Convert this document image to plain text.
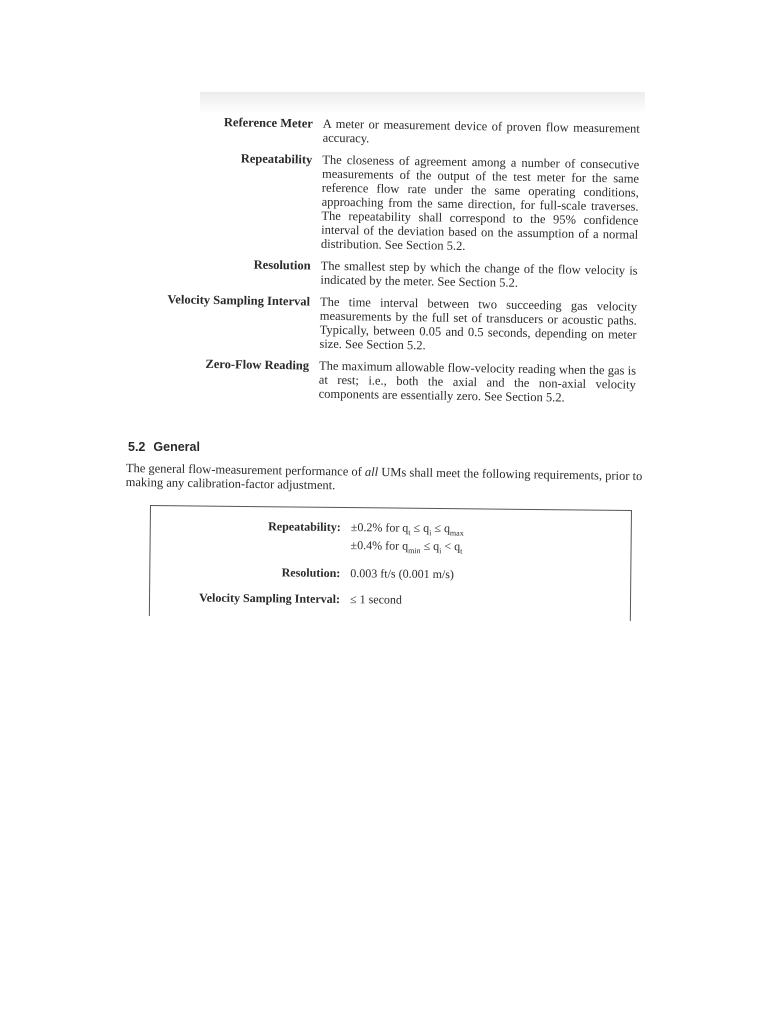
Reference Meter A meter or measurement device of proven flow measurement accuracy.
Repeatability The closeness of agreement among a number of consecutive measurements of the output of the test meter for the same reference flow rate under the same operating conditions, approaching from the same direction, for full-scale traverses. The repeatability shall correspond to the 95% confidence interval of the deviation based on the assumption of a normal distribution. See Section 5.2.
Resolution The smallest step by which the change of the flow velocity is indicated by the meter. See Section 5.2.
Velocity Sampling Interval The time interval between two succeeding gas velocity measurements by the full set of transducers or acoustic paths. Typically, between 0.05 and 0.5 seconds, depending on meter size. See Section 5.2.
Zero-Flow Reading The maximum allowable flow-velocity reading when the gas is at rest; i.e., both the axial and the non-axial velocity components are essentially zero. See Section 5.2.
5.2 General
The general flow-measurement performance of all UMs shall meet the following requirements, prior to making any calibration-factor adjustment.
Repeatability: ±0.2% for $q_t \le q_i \le q_{max}$
±0.4% for $q_{min} \le q_i < q_t$
Resolution: 0.003 ft/s (0.001 m/s)
Velocity Sampling Interval: ≤ 1 second
